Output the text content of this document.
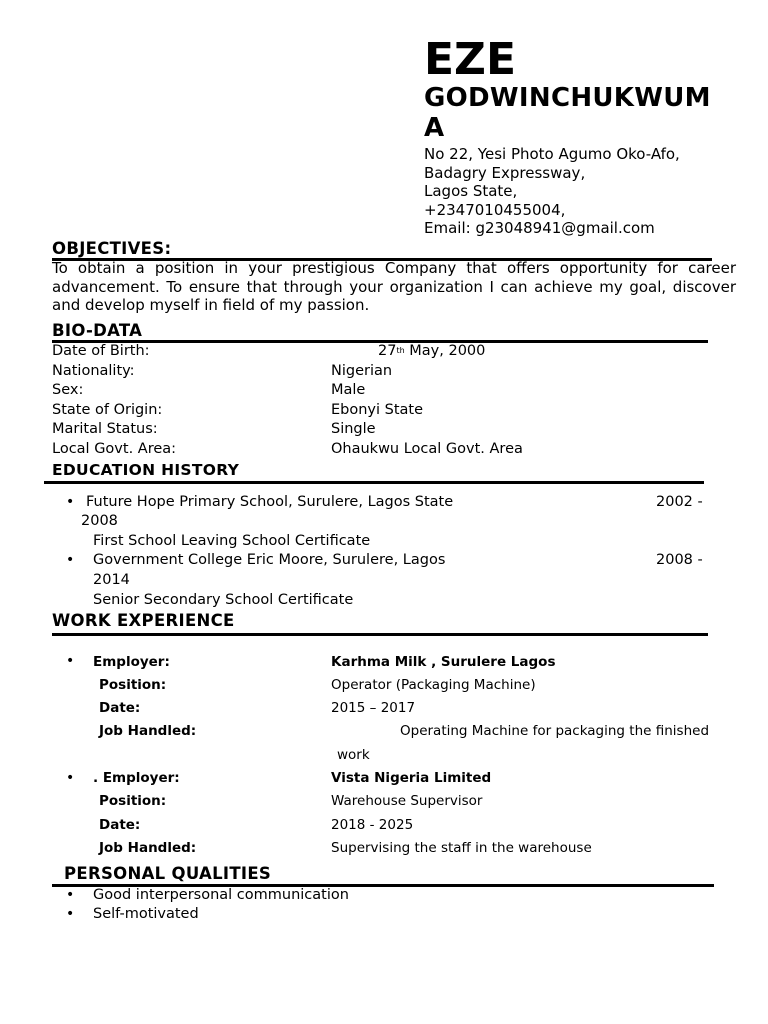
EZE
GODWINCHUKWUM
A
No 22, Yesi Photo Agumo Oko-Afo,
Badagry Expressway,
Lagos State,
+2347010455004,
Email: g23048941@gmail.com
OBJECTIVES:
To obtain a position in your prestigious Company that offers opportunity for career advancement. To ensure that through your organization I can achieve my goal, discover and develop myself in field of my passion.
BIO-DATA
Date of Birth:	27th May, 2000
Nationality:	Nigerian
Sex:	Male
State of Origin:	Ebonyi State
Marital Status:	Single
Local Govt. Area:	Ohaukwu Local Govt. Area
EDUCATION HISTORY
• Future Hope Primary School, Surulere, Lagos State	2002 -
2008
First School Leaving School Certificate
• Government College Eric Moore, Surulere, Lagos	2008 -
2014
Senior Secondary School Certificate
WORK EXPERIENCE
• Employer:	Karhma Milk , Surulere Lagos
Position:	Operator (Packaging Machine)
Date:	2015 – 2017
Job Handled:	Operating Machine for packaging the finished
work
• . Employer:	Vista Nigeria Limited
Position:	Warehouse Supervisor
Date:	2018 - 2025
Job Handled:	Supervising the staff in the warehouse
PERSONAL QUALITIES
• Good interpersonal communication
• Self-motivated
